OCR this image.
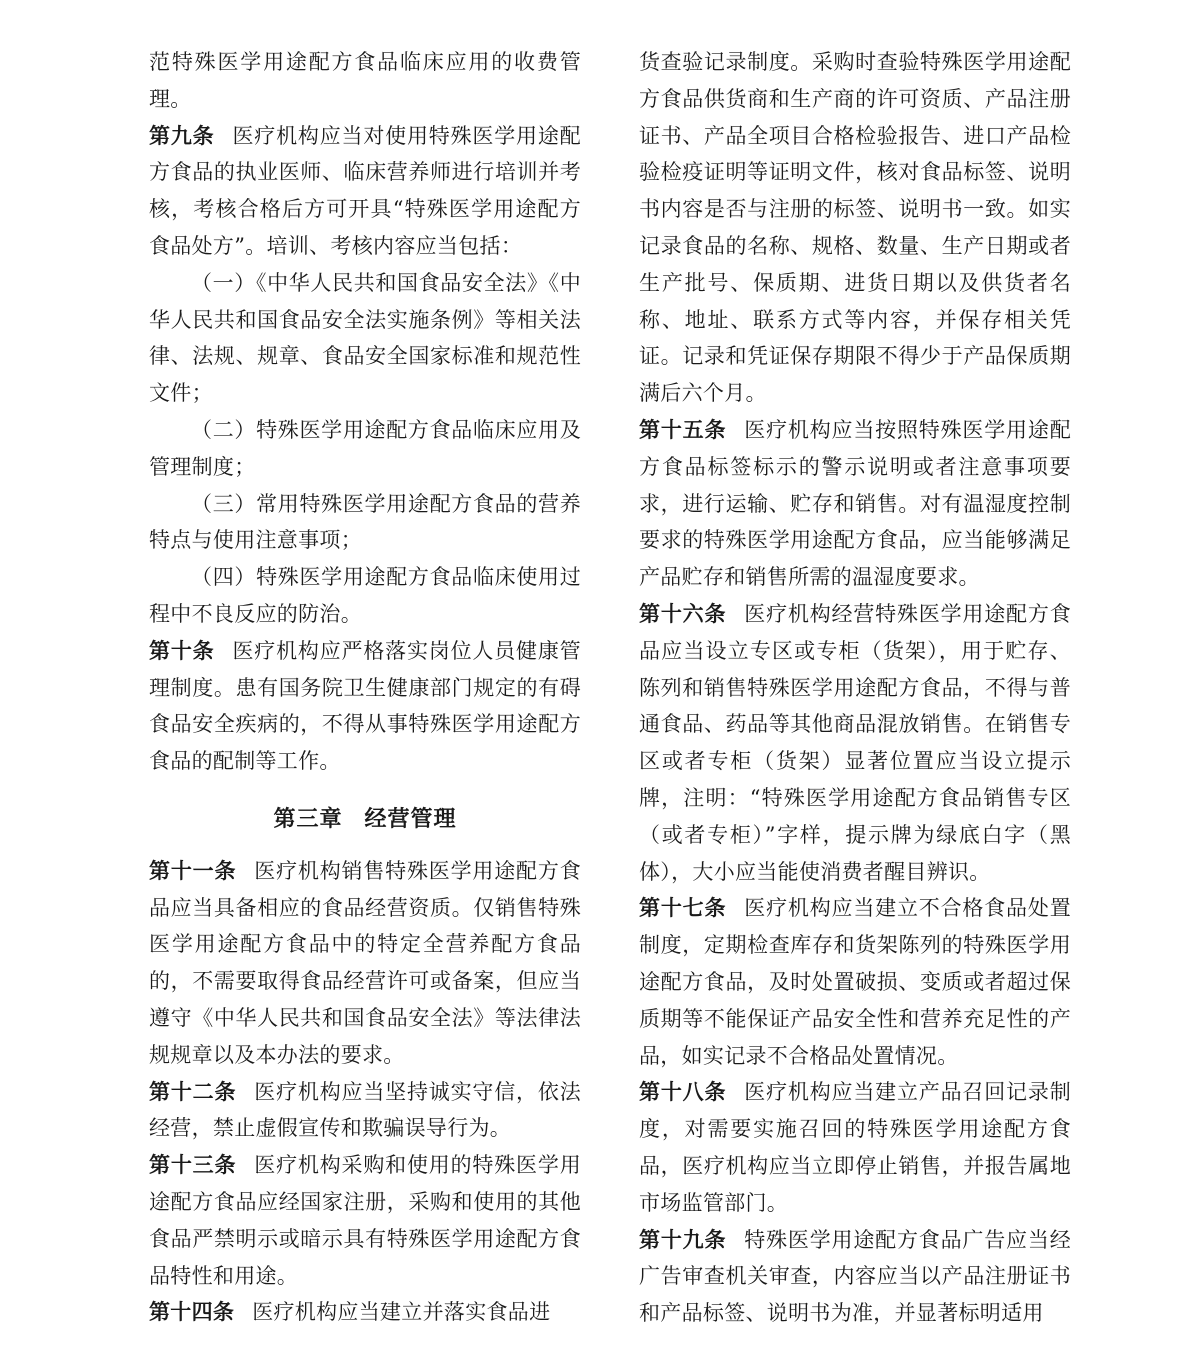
范特殊医学用途配方食品临床应用的收费管理。

第九条 医疗机构应当对使用特殊医学用途配方食品的执业医师、临床营养师进行培训并考核，考核合格后方可开具“特殊医学用途配方食品处方”。培训、考核内容应当包括：

（一）《中华人民共和国食品安全法》《中华人民共和国食品安全法实施条例》等相关法律、法规、规章、食品安全国家标准和规范性文件；

（二）特殊医学用途配方食品临床应用及管理制度；

（三）常用特殊医学用途配方食品的营养特点与使用注意事项；

（四）特殊医学用途配方食品临床使用过程中不良反应的防治。

第十条 医疗机构应严格落实岗位人员健康管理制度。患有国务院卫生健康部门规定的有碍食品安全疾病的，不得从事特殊医学用途配方食品的配制等工作。

第三章 经营管理

第十一条 医疗机构销售特殊医学用途配方食品应当具备相应的食品经营资质。仅销售特殊医学用途配方食品中的特定全营养配方食品的，不需要取得食品经营许可或备案，但应当遵守《中华人民共和国食品安全法》等法律法规规章以及本办法的要求。

第十二条 医疗机构应当坚持诚实守信，依法经营，禁止虚假宣传和欺骗误导行为。

第十三条 医疗机构采购和使用的特殊医学用途配方食品应经国家注册，采购和使用的其他食品严禁明示或暗示具有特殊医学用途配方食品特性和用途。

第十四条 医疗机构应当建立并落实食品进

货查验记录制度。采购时查验特殊医学用途配方食品供货商和生产商的许可资质、产品注册证书、产品全项目合格检验报告、进口产品检验检疫证明等证明文件，核对食品标签、说明书内容是否与注册的标签、说明书一致。如实记录食品的名称、规格、数量、生产日期或者生产批号、保质期、进货日期以及供货者名称、地址、联系方式等内容，并保存相关凭证。记录和凭证保存期限不得少于产品保质期满后六个月。

第十五条 医疗机构应当按照特殊医学用途配方食品标签标示的警示说明或者注意事项要求，进行运输、贮存和销售。对有温湿度控制要求的特殊医学用途配方食品，应当能够满足产品贮存和销售所需的温湿度要求。

第十六条 医疗机构经营特殊医学用途配方食品应当设立专区或专柜（货架），用于贮存、陈列和销售特殊医学用途配方食品，不得与普通食品、药品等其他商品混放销售。在销售专区或者专柜（货架）显著位置应当设立提示牌，注明：“特殊医学用途配方食品销售专区（或者专柜）”字样，提示牌为绿底白字（黑体），大小应当能使消费者醒目辨识。

第十七条 医疗机构应当建立不合格食品处置制度，定期检查库存和货架陈列的特殊医学用途配方食品，及时处置破损、变质或者超过保质期等不能保证产品安全性和营养充足性的产品，如实记录不合格品处置情况。

第十八条 医疗机构应当建立产品召回记录制度，对需要实施召回的特殊医学用途配方食品，医疗机构应当立即停止销售，并报告属地市场监管部门。

第十九条 特殊医学用途配方食品广告应当经广告审查机关审查，内容应当以产品注册证书和产品标签、说明书为准，并显著标明适用
